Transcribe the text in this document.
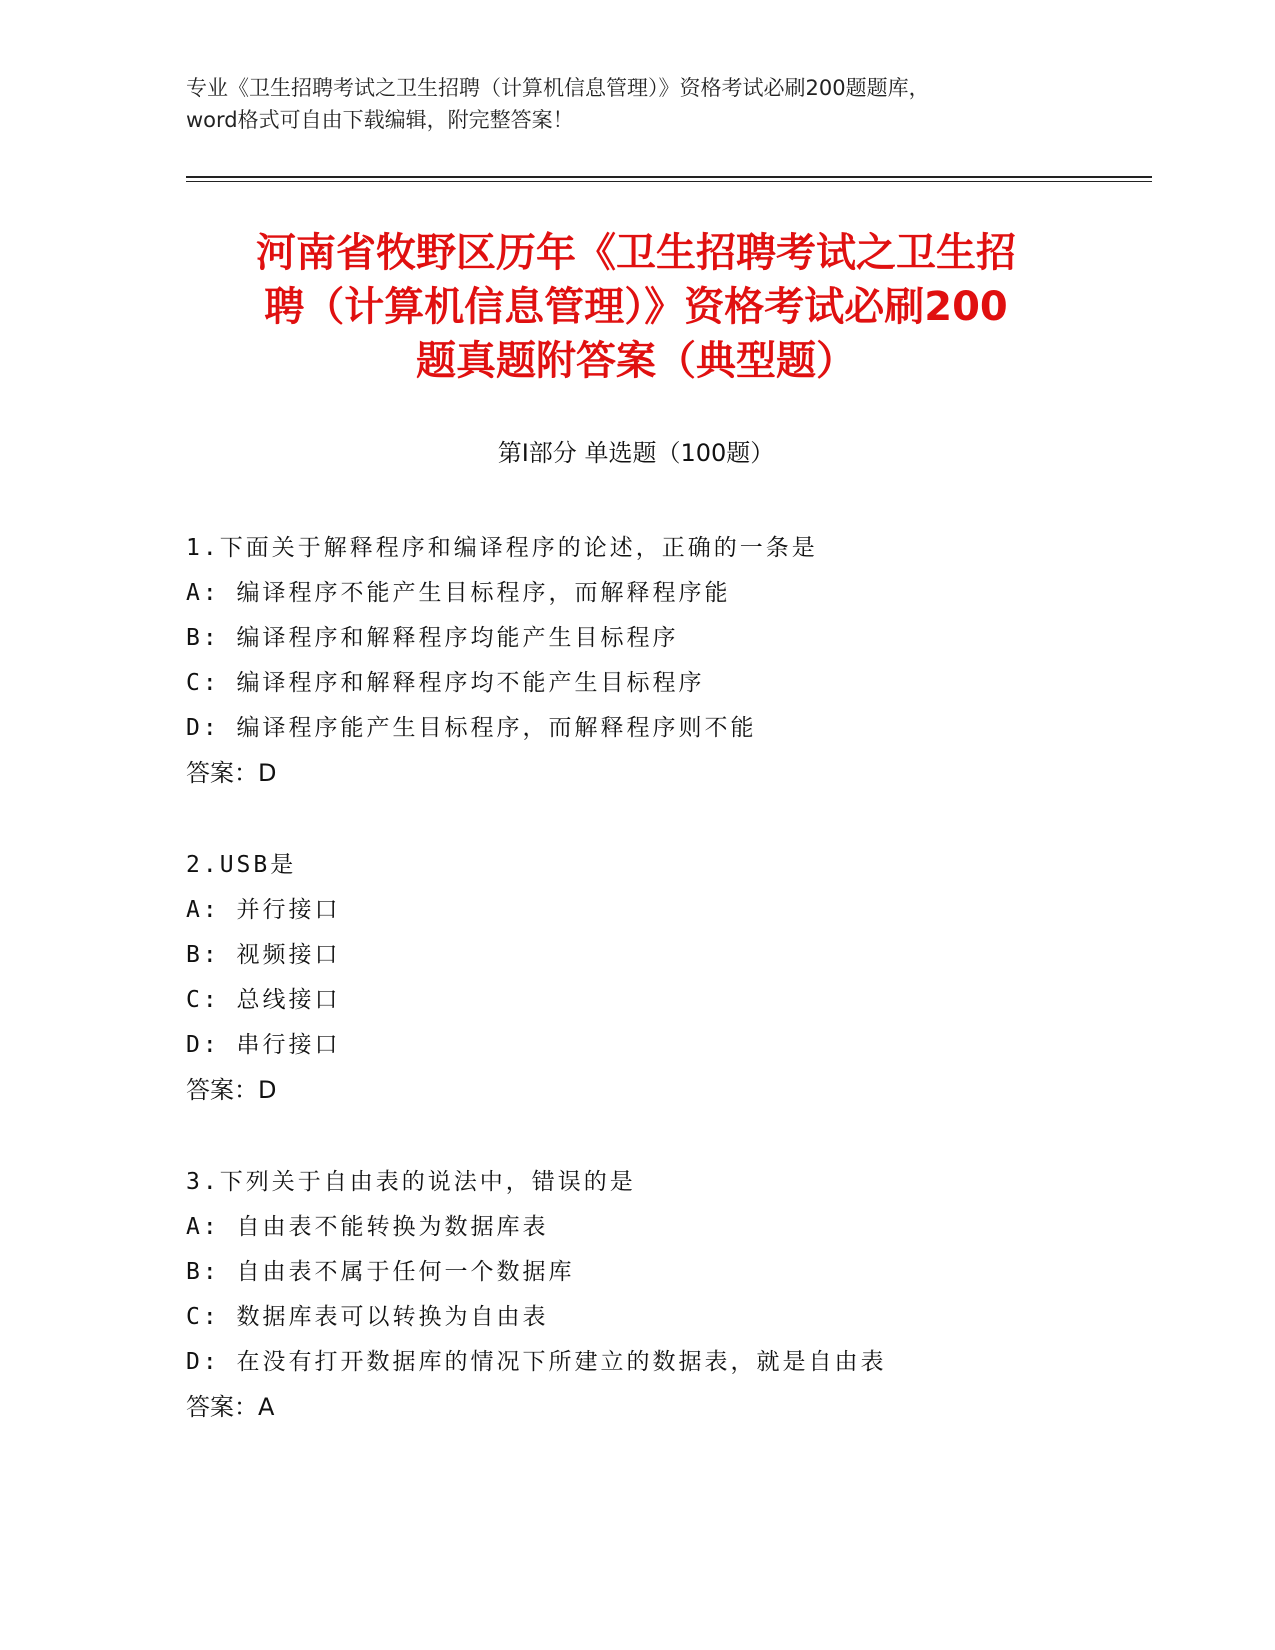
专业《卫生招聘考试之卫生招聘（计算机信息管理）》资格考试必刷200题题库，
word格式可自由下载编辑，附完整答案！
河南省牧野区历年《卫生招聘考试之卫生招
聘（计算机信息管理）》资格考试必刷200
题真题附答案（典型题）
第Ⅰ部分 单选题（100题）
1.下面关于解释程序和编译程序的论述，正确的一条是
A: 编译程序不能产生目标程序，而解释程序能
B: 编译程序和解释程序均能产生目标程序
C: 编译程序和解释程序均不能产生目标程序
D: 编译程序能产生目标程序，而解释程序则不能
答案：D
2.USB是
A: 并行接口
B: 视频接口
C: 总线接口
D: 串行接口
答案：D
3.下列关于自由表的说法中，错误的是
A: 自由表不能转换为数据库表
B: 自由表不属于任何一个数据库
C: 数据库表可以转换为自由表
D: 在没有打开数据库的情况下所建立的数据表，就是自由表
答案：A
